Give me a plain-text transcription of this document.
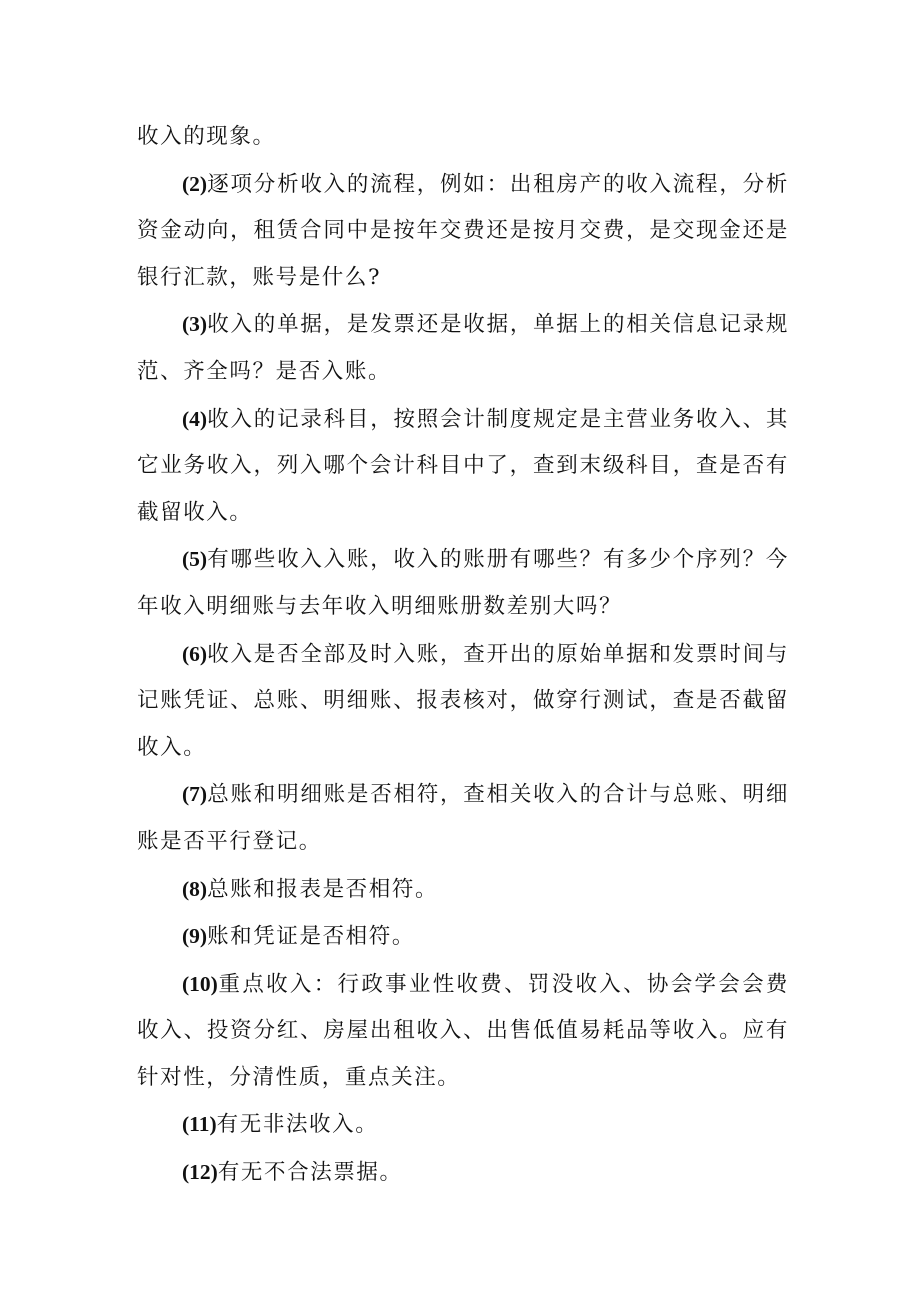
收入的现象。

(2)逐项分析收入的流程，例如：出租房产的收入流程，分析资金动向，租赁合同中是按年交费还是按月交费，是交现金还是银行汇款，账号是什么?

(3)收入的单据，是发票还是收据，单据上的相关信息记录规范、齐全吗？是否入账。

(4)收入的记录科目，按照会计制度规定是主营业务收入、其它业务收入，列入哪个会计科目中了，查到末级科目，查是否有截留收入。

(5)有哪些收入入账，收入的账册有哪些？有多少个序列？今年收入明细账与去年收入明细账册数差别大吗？

(6)收入是否全部及时入账，查开出的原始单据和发票时间与记账凭证、总账、明细账、报表核对，做穿行测试，查是否截留收入。

(7)总账和明细账是否相符，查相关收入的合计与总账、明细账是否平行登记。

(8)总账和报表是否相符。

(9)账和凭证是否相符。

(10)重点收入：行政事业性收费、罚没收入、协会学会会费收入、投资分红、房屋出租收入、出售低值易耗品等收入。应有针对性，分清性质，重点关注。

(11)有无非法收入。

(12)有无不合法票据。
